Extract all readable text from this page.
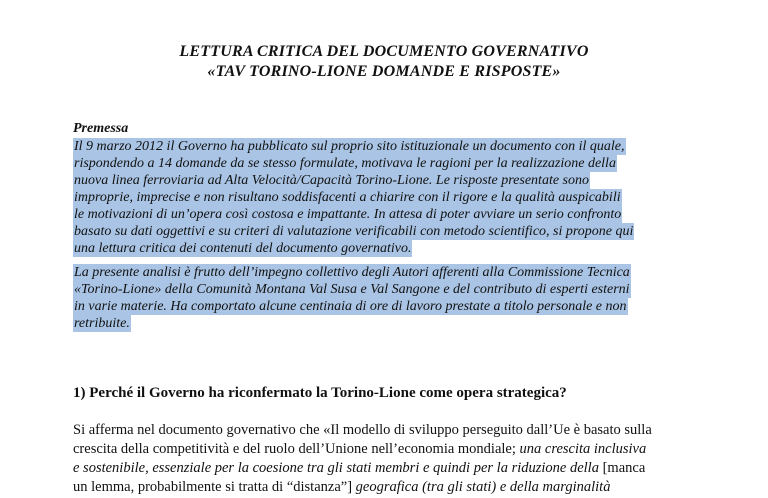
LETTURA CRITICA DEL DOCUMENTO GOVERNATIVO
«TAV TORINO-LIONE DOMANDE E RISPOSTE»
Premessa
Il 9 marzo 2012 il Governo ha pubblicato sul proprio sito istituzionale un documento con il quale,
rispondendo a 14 domande da se stesso formulate, motivava le ragioni per la realizzazione della
nuova linea ferroviaria ad Alta Velocità/Capacità Torino-Lione. Le risposte presentate sono
improprie, imprecise e non risultano soddisfacenti a chiarire con il rigore e la qualità auspicabili
le motivazioni di un’opera così costosa e impattante. In attesa di poter avviare un serio confronto
basato su dati oggettivi e su criteri di valutazione verificabili con metodo scientifico, si propone qui
una lettura critica dei contenuti del documento governativo.
La presente analisi è frutto dell’impegno collettivo degli Autori afferenti alla Commissione Tecnica
«Torino-Lione» della Comunità Montana Val Susa e Val Sangone e del contributo di esperti esterni
in varie materie. Ha comportato alcune centinaia di ore di lavoro prestate a titolo personale e non
retribuite.
1) Perché il Governo ha riconfermato la Torino-Lione come opera strategica?
Si afferma nel documento governativo che «Il modello di sviluppo perseguito dall’Ue è basato sulla
crescita della competitività e del ruolo dell’Unione nell’economia mondiale; una crescita inclusiva
e sostenibile, essenziale per la coesione tra gli stati membri e quindi per la riduzione della [manca
un lemma, probabilmente si tratta di “distanza”] geografica (tra gli stati) e della marginalità
